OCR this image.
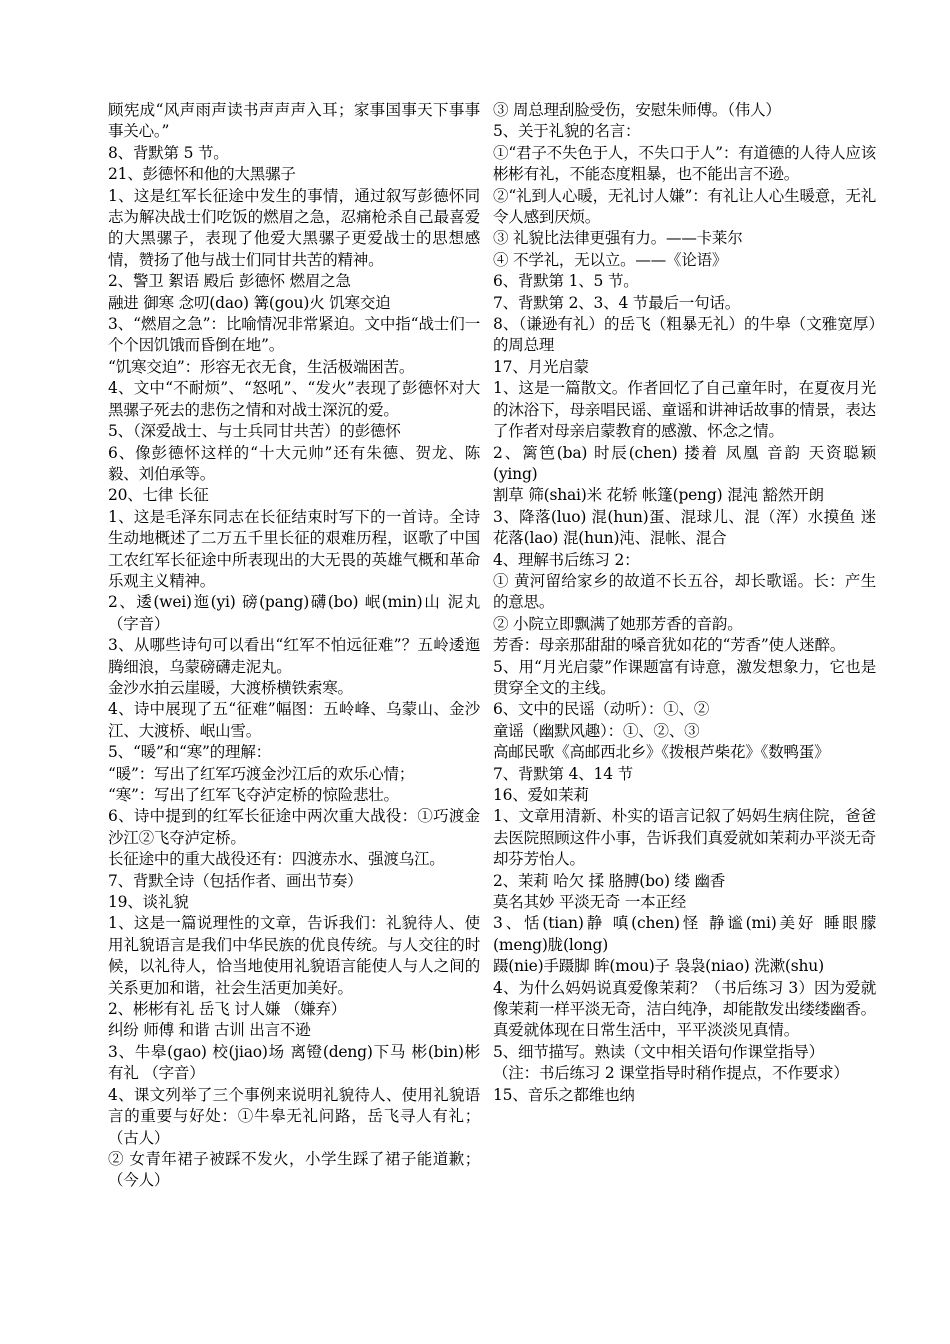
顾宪成“风声雨声读书声声声入耳；家事国事天下事事事关心。”

8、背默第 5 节。

21、彭德怀和他的大黑骡子

1、这是红军长征途中发生的事情，通过叙写彭德怀同志为解决战士们吃饭的燃眉之急，忍痛枪杀自己最喜爱的大黑骡子，表现了他爱大黑骡子更爱战士的思想感情，赞扬了他与战士们同甘共苦的精神。

2、警卫 絮语 殿后 彭德怀 燃眉之急

融进 御寒 念叨(dao) 篝(gou)火 饥寒交迫

3、“燃眉之急”：比喻情况非常紧迫。文中指“战士们一个个因饥饿而昏倒在地”。

“饥寒交迫”：形容无衣无食，生活极端困苦。

4、文中“不耐烦”、“怒吼”、“发火”表现了彭德怀对大黑骡子死去的悲伤之情和对战士深沉的爱。

5、（深爱战士、与士兵同甘共苦）的彭德怀

6、像彭德怀这样的“十大元帅”还有朱德、贺龙、陈毅、刘伯承等。

20、七律 长征

1、这是毛泽东同志在长征结束时写下的一首诗。全诗生动地概述了二万五千里长征的艰难历程，讴歌了中国工农红军长征途中所表现出的大无畏的英雄气概和革命乐观主义精神。

2、逶(wei)迤(yi) 磅(pang)礴(bo) 岷(min)山 泥丸 （字音）

3、从哪些诗句可以看出“红军不怕远征难”？五岭逶迤腾细浪，乌蒙磅礴走泥丸。

金沙水拍云崖暖，大渡桥横铁索寒。

4、诗中展现了五“征难”幅图：五岭峰、乌蒙山、金沙江、大渡桥、岷山雪。

5、“暖”和“寒”的理解：

“暖”：写出了红军巧渡金沙江后的欢乐心情；

“寒”：写出了红军飞夺泸定桥的惊险悲壮。

6、诗中提到的红军长征途中两次重大战役：①巧渡金沙江②飞夺泸定桥。

长征途中的重大战役还有：四渡赤水、强渡乌江。

7、背默全诗（包括作者、画出节奏）

19、谈礼貌

1、这是一篇说理性的文章，告诉我们：礼貌待人、使用礼貌语言是我们中华民族的优良传统。与人交往的时候，以礼待人，恰当地使用礼貌语言能使人与人之间的关系更加和谐，社会生活更加美好。

2、彬彬有礼 岳飞 讨人嫌 （嫌弃）

纠纷 师傅 和谐 古训 出言不逊

3、牛皋(gao) 校(jiao)场 离镫(deng)下马 彬(bin)彬有礼 （字音）

4、课文列举了三个事例来说明礼貌待人、使用礼貌语言的重要与好处：①牛皋无礼问路，岳飞寻人有礼；（古人）

② 女青年裙子被踩不发火，小学生踩了裙子能道歉；（今人）

③ 周总理刮脸受伤，安慰朱师傅。（伟人）

5、关于礼貌的名言：

①“君子不失色于人，不失口于人”：有道德的人待人应该彬彬有礼，不能态度粗暴，也不能出言不逊。

②“礼到人心暖，无礼讨人嫌”：有礼让人心生暖意，无礼令人感到厌烦。

③ 礼貌比法律更强有力。——卡莱尔

④ 不学礼，无以立。——《论语》

6、背默第 1、5 节。

7、背默第 2、3、4 节最后一句话。

8、（谦逊有礼）的岳飞（粗暴无礼）的牛皋（文雅宽厚）的周总理

17、月光启蒙

1、这是一篇散文。作者回忆了自己童年时，在夏夜月光的沐浴下，母亲唱民谣、童谣和讲神话故事的情景，表达了作者对母亲启蒙教育的感激、怀念之情。

2、篱笆(ba) 时辰(chen) 搂着 凤凰 音韵 天资聪颖(ying)

割草 筛(shai)米 花轿 帐篷(peng) 混沌 豁然开朗

3、降落(luo) 混(hun)蛋、混球儿、混（浑）水摸鱼 迷花落(lao) 混(hun)沌、混帐、混合

4、理解书后练习 2：

① 黄河留给家乡的故道不长五谷，却长歌谣。长：产生的意思。

② 小院立即飘满了她那芳香的音韵。

芳香：母亲那甜甜的嗓音犹如花的“芳香”使人迷醉。

5、用“月光启蒙”作课题富有诗意，激发想象力，它也是贯穿全文的主线。

6、文中的民谣（动听）：①、②

童谣（幽默风趣）：①、②、③

高邮民歌《高邮西北乡》《拨根芦柴花》《数鸭蛋》

7、背默第 4、14 节

16、爱如茉莉

1、文章用清新、朴实的语言记叙了妈妈生病住院，爸爸去医院照顾这件小事，告诉我们真爱就如茉莉办平淡无奇却芬芳怡人。

2、茉莉 哈欠 揉 胳膊(bo) 缕 幽香

莫名其妙 平淡无奇 一本正经

3、恬(tian)静 嗔(chen)怪 静谧(mi)美好 睡眼朦(meng)胧(long)

蹑(nie)手蹑脚 眸(mou)子 袅袅(niao) 洗漱(shu)

4、为什么妈妈说真爱像茉莉？（书后练习 3）因为爱就像茉莉一样平淡无奇，洁白纯净，却能散发出缕缕幽香。真爱就体现在日常生活中，平平淡淡见真情。

5、细节描写。熟读（文中相关语句作课堂指导）

（注：书后练习 2 课堂指导时稍作提点，不作要求）

15、音乐之都维也纳
